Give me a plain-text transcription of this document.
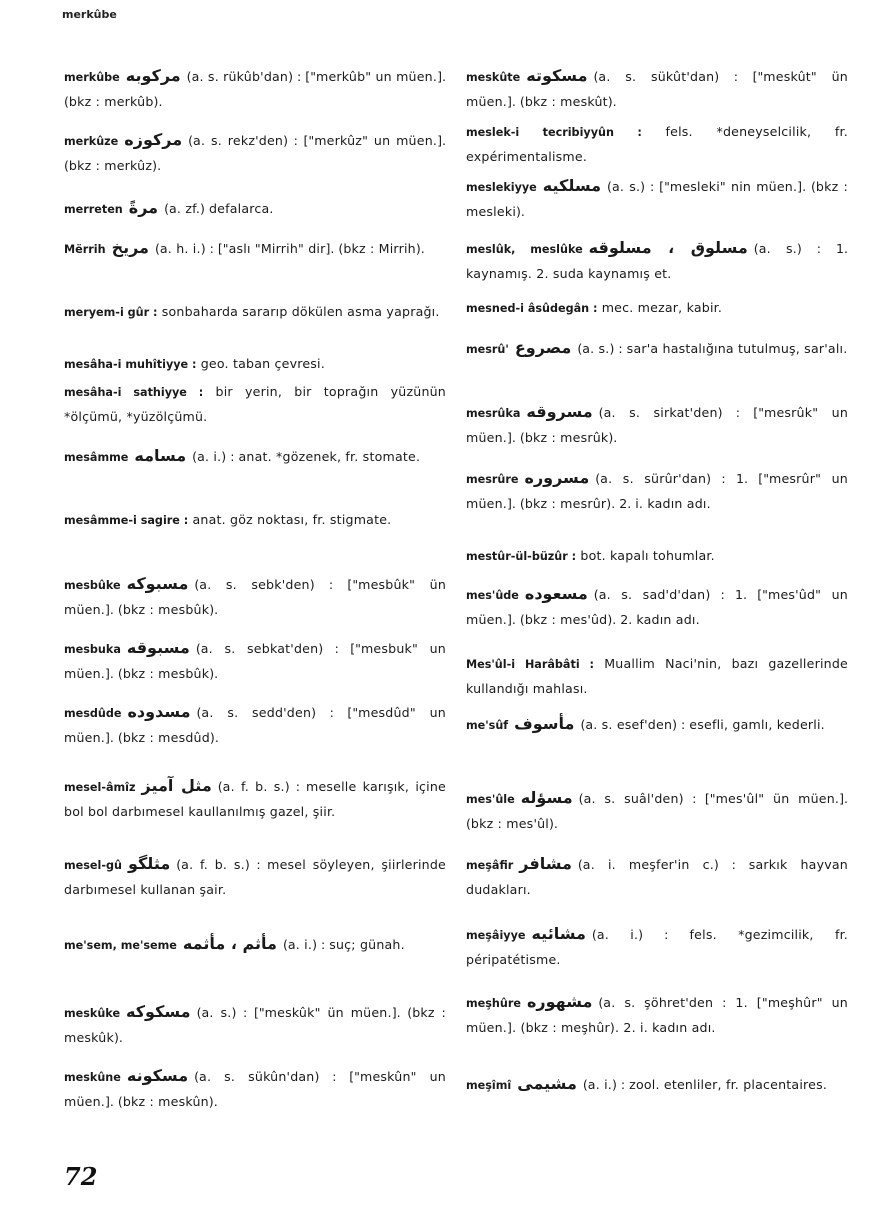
merkûbe
merkûbe مركوبه (a. s. rükûb'dan) : ["merkûb" un müen.]. (bkz : merkûb).
merkûze مركوزه (a. s. rekz'den) : ["merkûz" un müen.]. (bkz : merkûz).
merreten مرةً (a. zf.) defalarca.
Mërrih مريخ (a. h. i.) : ["aslı "Mirrih" dir]. (bkz : Mirrih).
meryem-i gûr : sonbaharda sararıp dökülen asma yaprağı.
mesâha-i muhîtiyye : geo. taban çevresi.
mesâha-i sathiyye : bir yerin, bir toprağın yüzünün *ölçümü, *yüzölçümü.
mesâmme مسامه (a. i.) : anat. *gözenek, fr. stomate.
mesâmme-i sagire : anat. göz noktası, fr. stigmate.
mesbûke مسبوكه (a. s. sebk'den) : ["mesbûk" ün müen.]. (bkz : mesbûk).
mesbuka مسبوقه (a. s. sebkat'den) : ["mesbuk" un müen.]. (bkz : mesbûk).
mesdûde مسدوده (a. s. sedd'den) : ["mesdûd" un müen.]. (bkz : mesdûd).
mesel-âmîz مثل آميز (a. f. b. s.) : meselle karışık, içine bol bol darbımesel kaullanılmış gazel, şiir.
mesel-gû مثلگو (a. f. b. s.) : mesel söyleyen, şiirlerinde darbımesel kullanan şair.
me'sem, me'seme مأثم ، مأثمه (a. i.) : suç; günah.
meskûke مسكوكه (a. s.) : ["meskûk" ün müen.]. (bkz : meskûk).
meskûne مسكونه (a. s. sükûn'dan) : ["meskûn" un müen.]. (bkz : meskûn).
meskûte مسكوته (a. s. sükût'dan) : ["meskût" ün müen.]. (bkz : meskût).
meslek-i tecribiyyûn : fels. *deneyselcilik, fr. expérimentalisme.
meslekiyye مسلكيه (a. s.) : ["mesleki" nin müen.]. (bkz : mesleki).
meslûk, meslûke مسلوق ، مسلوقه (a. s.) : 1. kaynamış. 2. suda kaynamış et.
mesned-i âsûdegân : mec. mezar, kabir.
mesrû' مصروع (a. s.) : sar'a hastalığına tutulmuş, sar'alı.
mesrûka مسروقه (a. s. sirkat'den) : ["mesrûk" un müen.]. (bkz : mesrûk).
mesrûre مسروره (a. s. sürûr'dan) : 1. ["mesrûr" un müen.]. (bkz : mesrûr). 2. i. kadın adı.
mestûr-ül-büzûr : bot. kapalı tohumlar.
mes'ûde مسعوده (a. s. sad'd'dan) : 1. ["mes'ûd" un müen.]. (bkz : mes'ûd). 2. kadın adı.
Mes'ûl-i Harâbâti : Muallim Naci'nin, bazı gazellerinde kullandığı mahlası.
me'sûf مأسوف (a. s. esef'den) : esefli, gamlı, kederli.
mes'ûle مسؤله (a. s. suâl'den) : ["mes'ûl" ün müen.]. (bkz : mes'ûl).
meşâfir مشافر (a. i. meşfer'in c.) : sarkık hayvan dudakları.
meşâiyye مشائيه (a. i.) : fels. *gezimcilik, fr. péripatétisme.
meşhûre مشهوره (a. s. şöhret'den : 1. ["meşhûr" un müen.]. (bkz : meşhûr). 2. i. kadın adı.
meşîmî مشيمى (a. i.) : zool. etenliler, fr. placentaires.
72
